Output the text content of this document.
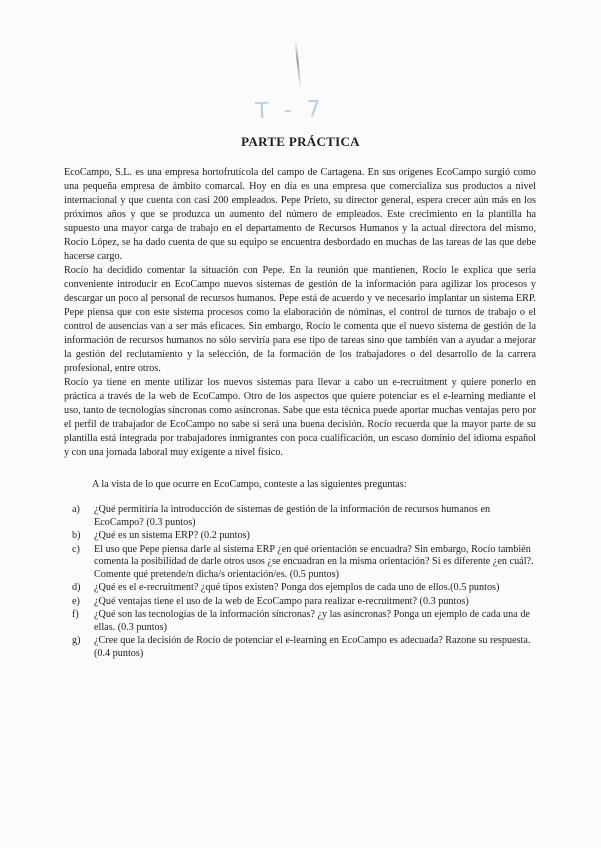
T - 7
PARTE PRÁCTICA

EcoCampo, S.L. es una empresa hortofrutícola del campo de Cartagena. En sus orígenes EcoCampo surgió como una pequeña empresa de ámbito comarcal. Hoy en día es una empresa que comercializa sus productos a nivel internacional y que cuenta con casi 200 empleados. Pepe Prieto, su director general, espera crecer aún más en los próximos años y que se produzca un aumento del número de empleados. Este crecimiento en la plantilla ha supuesto una mayor carga de trabajo en el departamento de Recursos Humanos y la actual directora del mismo, Rocío López, se ha dado cuenta de que su equipo se encuentra desbordado en muchas de las tareas de las que debe hacerse cargo.

Rocío ha decidido comentar la situación con Pepe. En la reunión que mantienen, Rocío le explica que sería conveniente introducir en EcoCampo nuevos sistemas de gestión de la información para agilizar los procesos y descargar un poco al personal de recursos humanos. Pepe está de acuerdo y ve necesario implantar un sistema ERP. Pepe piensa que con este sistema procesos como la elaboración de nóminas, el control de turnos de trabajo o el control de ausencias van a ser más eficaces. Sin embargo, Rocío le comenta que el nuevo sistema de gestión de la información de recursos humanos no sólo serviría para ese tipo de tareas sino que también van a ayudar a mejorar la gestión del reclutamiento y la selección, de la formación de los trabajadores o del desarrollo de la carrera profesional, entre otros.

Rocío ya tiene en mente utilizar los nuevos sistemas para llevar a cabo un e-recruitment y quiere ponerlo en práctica a través de la web de EcoCampo. Otro de los aspectos que quiere potenciar es el e-learning mediante el uso, tanto de tecnologías síncronas como asíncronas. Sabe que esta técnica puede aportar muchas ventajas pero por el perfil de trabajador de EcoCampo no sabe si será una buena decisión. Rocío recuerda que la mayor parte de su plantilla está integrada por trabajadores inmigrantes con poca cualificación, un escaso dominio del idioma español y con una jornada laboral muy exigente a nivel físico.

A la vista de lo que ocurre en EcoCampo, conteste a las siguientes preguntas:
a) ¿Qué permitiría la introducción de sistemas de gestión de la información de recursos humanos en EcoCampo? (0.3 puntos)
b) ¿Qué es un sistema ERP? (0.2 puntos)
c) El uso que Pepe piensa darle al sistema ERP ¿en qué orientación se encuadra? Sin embargo, Rocío también comenta la posibilidad de darle otros usos ¿se encuadran en la misma orientación? Si es diferente ¿en cuál?. Comente qué pretende/n dicha/s orientación/es. (0.5 puntos)
d) ¿Qué es el e-recruitment? ¿qué tipos existen? Ponga dos ejemplos de cada uno de ellos.(0.5 puntos)
e) ¿Qué ventajas tiene el uso de la web de EcoCampo para realizar e-recruitment? (0.3 puntos)
f) ¿Qué son las tecnologías de la información síncronas? ¿y las asíncronas? Ponga un ejemplo de cada una de ellas. (0.3 puntos)
g) ¿Cree que la decisión de Rocío de potenciar el e-learning en EcoCampo es adecuada? Razone su respuesta. (0.4 puntos)
